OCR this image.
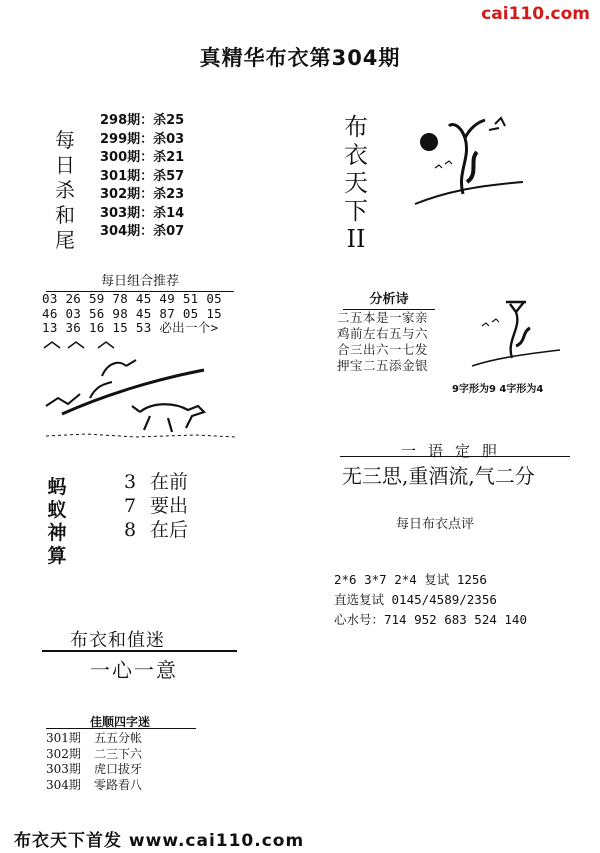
cai110.com
真精华布衣第304期
每
日
杀
和
尾
298期：杀25
299期：杀03
300期：杀21
301期：杀57
302期：杀23
303期：杀14
304期：杀07
布
衣
天
下
II
每日组合推荐
03 26 59 78 45 49 51 05
46 03 56 98 45 87 05 15
13 36 16 15 53 必出一个>
分析诗
二五本是一家亲
鸡前左右五与六
合三出六一七发
押宝二五添金银
9字形为9 4字形为4
一语定胆
无三思,重酒流,气二分
每日布衣点评
蚂
蚁
神
算
3 在前
7 要出
8 在后
2*6 3*7 2*4 复试 1256
直选复试 0145/4589/2356
心水号：714 952 683 524 140
布衣和值迷
一心一意
佳顺四字迷
301期 五五分帐
302期 二三下六
303期 虎口拔牙
304期 零路看八
布衣天下首发 www.cai110.com
